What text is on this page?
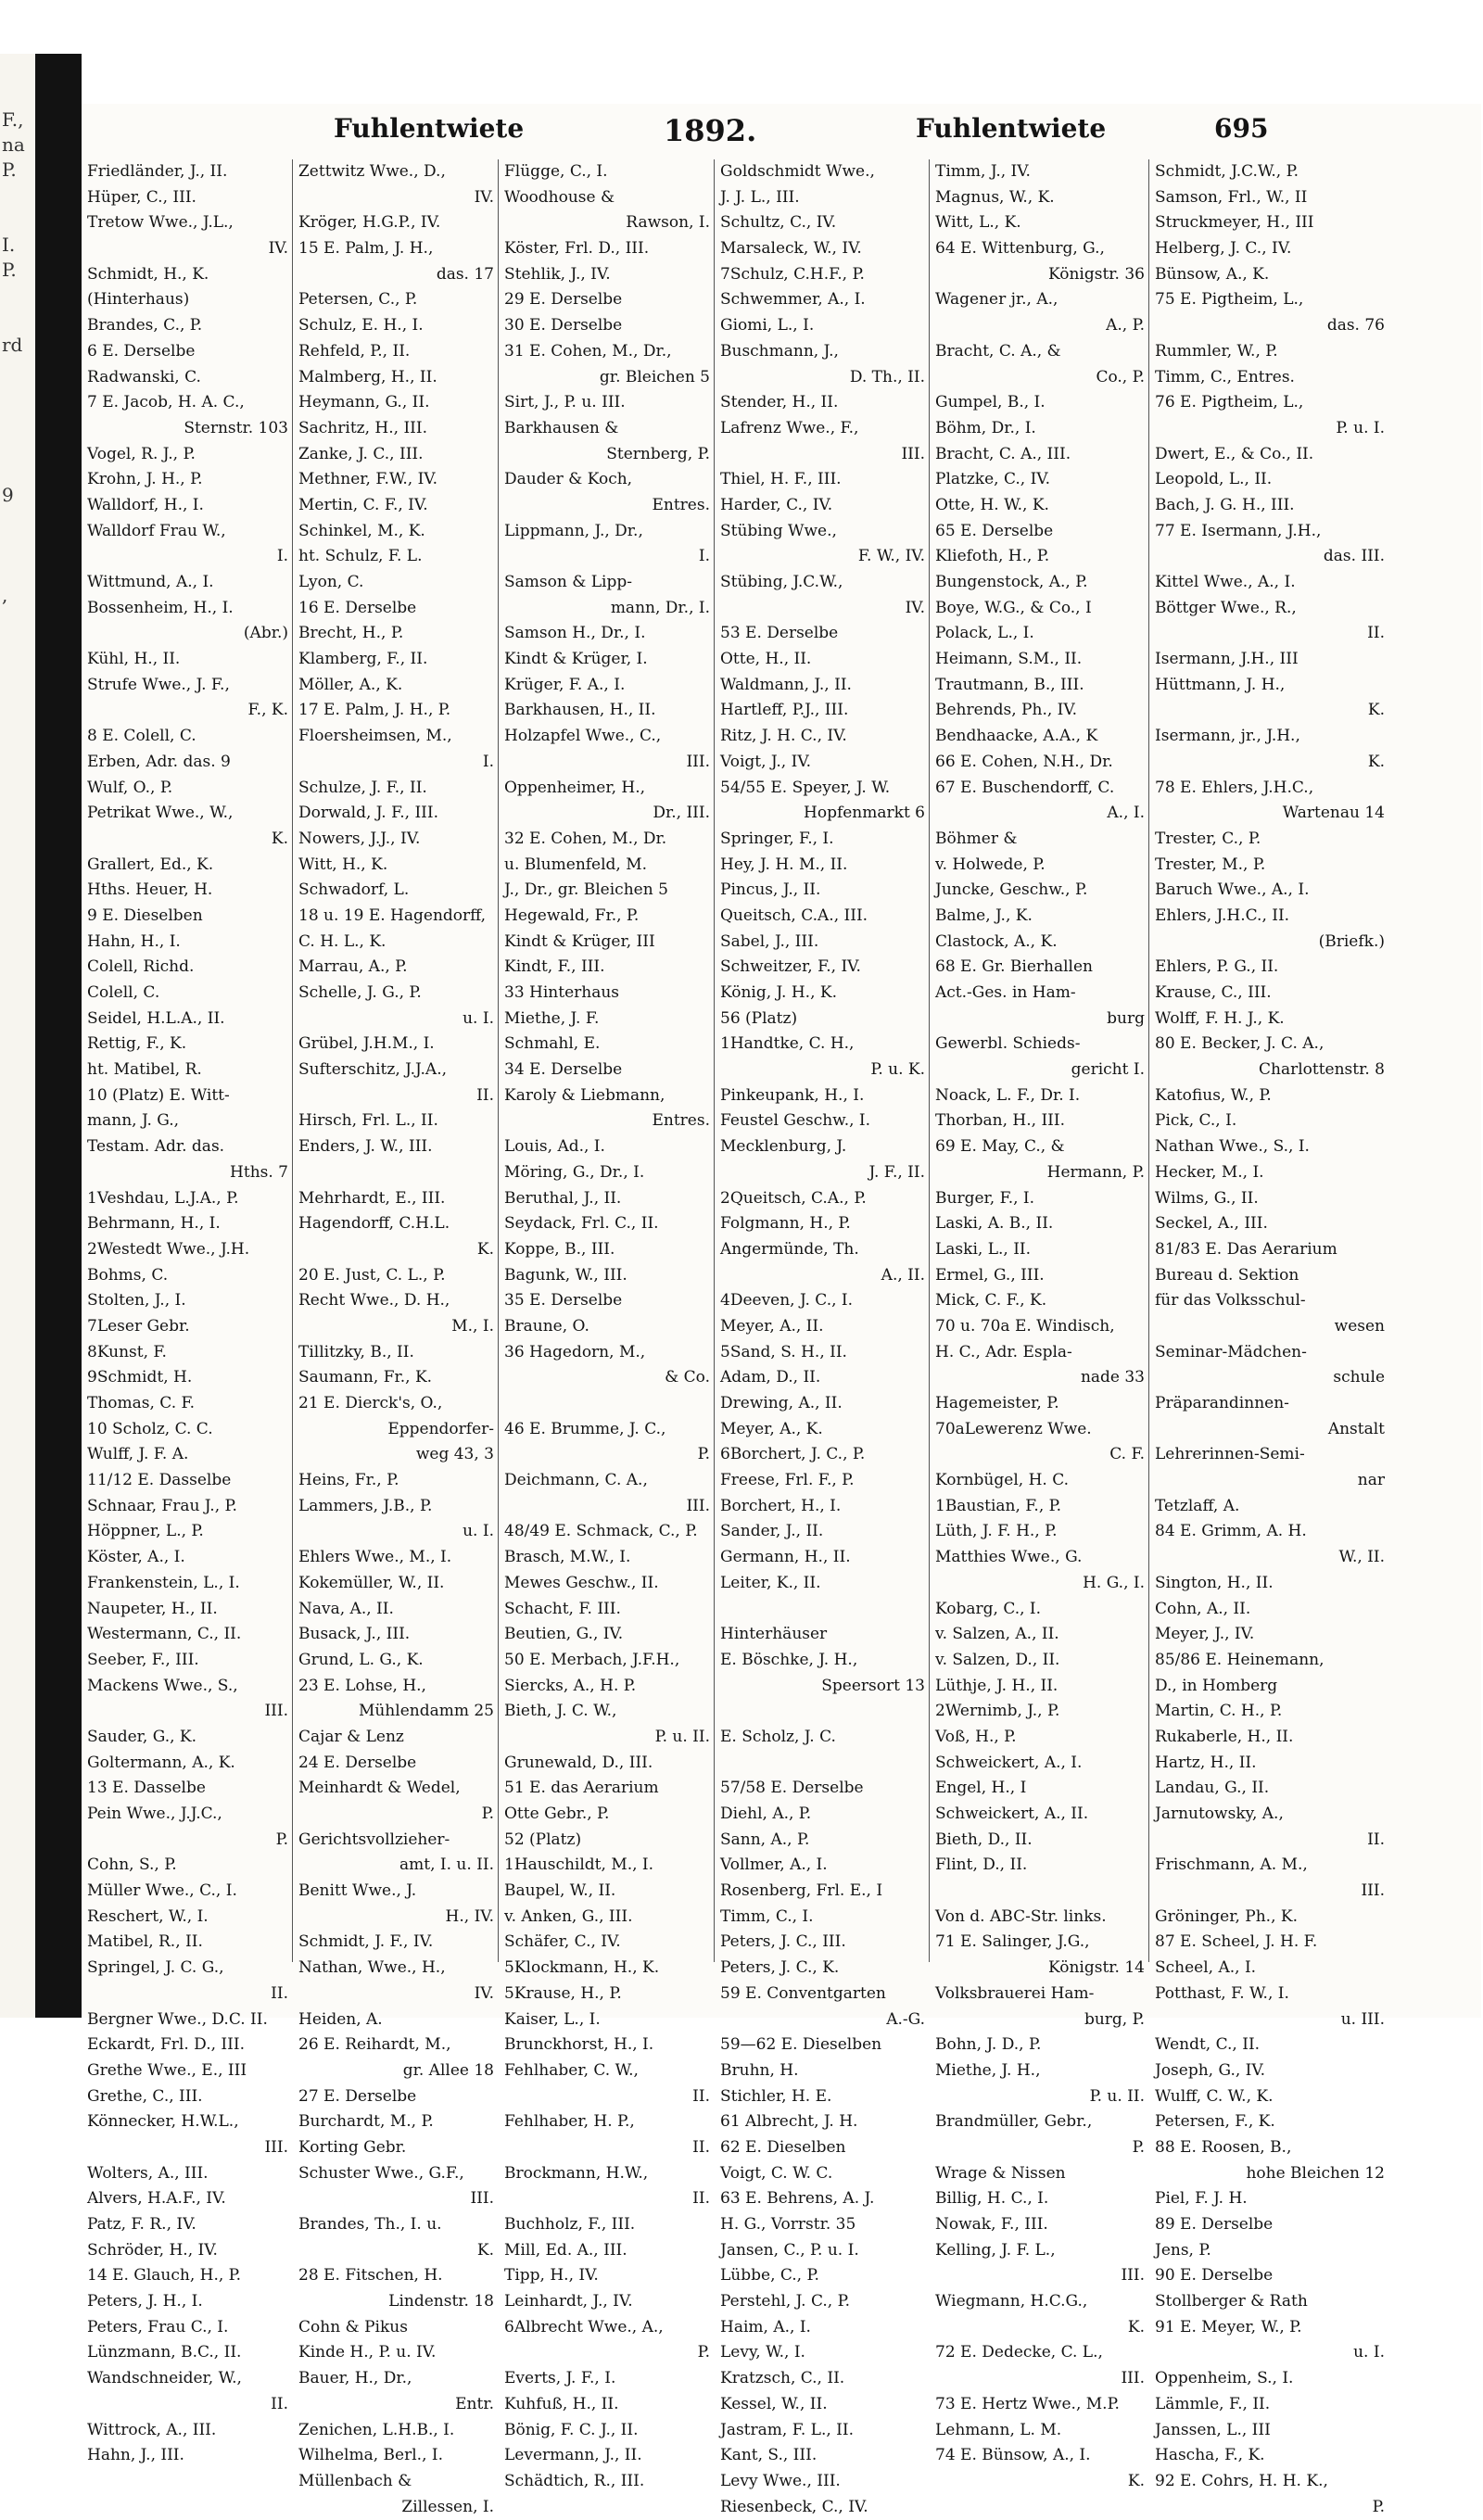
F.,
na
P.
I.
P.
rd
9
,
Fuhlentwiete	1892.	Fuhlentwiete	695
Friedländer, J., II.
Hüper, C., III.
Tretow Wwe., J.L.,
IV.
Schmidt, H., K.
(Hinterhaus)
Brandes, C., P.
6 E. Derselbe
Radwanski, C.
7 E. Jacob, H. A. C.,
Sternstr. 103
Vogel, R. J., P.
Krohn, J. H., P.
Walldorf, H., I.
Walldorf Frau W.,
I.
Wittmund, A., I.
Bossenheim, H., I.
(Abr.)
Kühl, H., II.
Strufe Wwe., J. F.,
F., K.
8 E. Colell, C.
Erben, Adr. das. 9
Wulf, O., P.
Petrikat Wwe., W.,
K.
Grallert, Ed., K.
Hths. Heuer, H.
9 E. Dieselben
Hahn, H., I.
Colell, Richd.
Colell, C.
Seidel, H.L.A., II.
Rettig, F., K.
ht. Matibel, R.
10 (Platz) E. Witt-
mann, J. G.,
Testam. Adr. das.
Hths. 7
1Veshdau, L.J.A., P.
Behrmann, H., I.
2Westedt Wwe., J.H.
Bohms, C.
Stolten, J., I.
7Leser Gebr.
8Kunst, F.
9Schmidt, H.
Thomas, C. F.
10 Scholz, C. C.
Wulff, J. F. A.
11/12 E. Dasselbe
Schnaar, Frau J., P.
Höppner, L., P.
Köster, A., I.
Frankenstein, L., I.
Naupeter, H., II.
Westermann, C., II.
Seeber, F., III.
Mackens Wwe., S.,
III.
Sauder, G., K.
Goltermann, A., K.
13 E. Dasselbe
Pein Wwe., J.J.C.,
P.
Cohn, S., P.
Müller Wwe., C., I.
Reschert, W., I.
Matibel, R., II.
Springel, J. C. G.,
II.
Bergner Wwe., D.C. II.
Eckardt, Frl. D., III.
Grethe Wwe., E., III
Grethe, C., III.
Könnecker, H.W.L.,
III.
Wolters, A., III.
Alvers, H.A.F., IV.
Patz, F. R., IV.
Schröder, H., IV.
14 E. Glauch, H., P.
Peters, J. H., I.
Peters, Frau C., I.
Lünzmann, B.C., II.
Wandschneider, W.,
II.
Wittrock, A., III.
Hahn, J., III.
Zettwitz Wwe., D.,
IV.
Kröger, H.G.P., IV.
15 E. Palm, J. H.,
das. 17
Petersen, C., P.
Schulz, E. H., I.
Rehfeld, P., II.
Malmberg, H., II.
Heymann, G., II.
Sachritz, H., III.
Zanke, J. C., III.
Methner, F.W., IV.
Mertin, C. F., IV.
Schinkel, M., K.
ht. Schulz, F. L.
Lyon, C.
16 E. Derselbe
Brecht, H., P.
Klamberg, F., II.
Möller, A., K.
17 E. Palm, J. H., P.
Floersheimsen, M.,
I.
Schulze, J. F., II.
Dorwald, J. F., III.
Nowers, J.J., IV.
Witt, H., K.
Schwadorf, L.
18 u. 19 E. Hagendorff,
C. H. L., K.
Marrau, A., P.
Schelle, J. G., P.
u. I.
Grübel, J.H.M., I.
Sufterschitz, J.J.A.,
II.
Hirsch, Frl. L., II.
Enders, J. W., III.
Mehrhardt, E., III.
Hagendorff, C.H.L.
K.
20 E. Just, C. L., P.
Recht Wwe., D. H.,
M., I.
Tillitzky, B., II.
Saumann, Fr., K.
21 E. Dierck's, O.,
Eppendorfer-
weg 43, 3
Heins, Fr., P.
Lammers, J.B., P.
u. I.
Ehlers Wwe., M., I.
Kokemüller, W., II.
Nava, A., II.
Busack, J., III.
Grund, L. G., K.
23 E. Lohse, H.,
Mühlendamm 25
Cajar & Lenz
24 E. Derselbe
Meinhardt & Wedel,
P.
Gerichtsvollzieher-
amt, I. u. II.
Benitt Wwe., J.
H., IV.
Schmidt, J. F., IV.
Nathan, Wwe., H.,
IV.
Heiden, A.
26 E. Reihardt, M.,
gr. Allee 18
27 E. Derselbe
Burchardt, M., P.
Korting Gebr.
Schuster Wwe., G.F.,
III.
Brandes, Th., I. u.
K.
28 E. Fitschen, H.
Lindenstr. 18
Cohn & Pikus
Kinde H., P. u. IV.
Bauer, H., Dr.,
Entr.
Zenichen, L.H.B., I.
Wilhelma, Berl., I.
Müllenbach &
Zillessen, I.
Flügge, C., I.
Woodhouse &
Rawson, I.
Köster, Frl. D., III.
Stehlik, J., IV.
29 E. Derselbe
30 E. Derselbe
31 E. Cohen, M., Dr.,
gr. Bleichen 5
Sirt, J., P. u. III.
Barkhausen &
Sternberg, P.
Dauder & Koch,
Entres.
Lippmann, J., Dr.,
I.
Samson & Lipp-
mann, Dr., I.
Samson H., Dr., I.
Kindt & Krüger, I.
Krüger, F. A., I.
Barkhausen, H., II.
Holzapfel Wwe., C.,
III.
Oppenheimer, H.,
Dr., III.
32 E. Cohen, M., Dr.
u. Blumenfeld, M.
J., Dr., gr. Bleichen 5
Hegewald, Fr., P.
Kindt & Krüger, III
Kindt, F., III.
33 Hinterhaus
Miethe, J. F.
Schmahl, E.
34 E. Derselbe
Karoly & Liebmann,
Entres.
Louis, Ad., I.
Möring, G., Dr., I.
Beruthal, J., II.
Seydack, Frl. C., II.
Koppe, B., III.
Bagunk, W., III.
35 E. Derselbe
Braune, O.
36 Hagedorn, M.,
& Co.
46 E. Brumme, J. C.,
P.
Deichmann, C. A.,
III.
48/49 E. Schmack, C., P.
Brasch, M.W., I.
Mewes Geschw., II.
Schacht, F. III.
Beutien, G., IV.
50 E. Merbach, J.F.H.,
Siercks, A., H. P.
Bieth, J. C. W.,
P. u. II.
Grunewald, D., III.
51 E. das Aerarium
Otte Gebr., P.
52 (Platz)
1Hauschildt, M., I.
Baupel, W., II.
v. Anken, G., III.
Schäfer, C., IV.
5Klockmann, H., K.
5Krause, H., P.
Kaiser, L., I.
Brunckhorst, H., I.
Fehlhaber, C. W.,
II.
Fehlhaber, H. P.,
II.
Brockmann, H.W.,
II.
Buchholz, F., III.
Mill, Ed. A., III.
Tipp, H., IV.
Leinhardt, J., IV.
6Albrecht Wwe., A.,
P.
Everts, J. F., I.
Kuhfuß, H., II.
Bönig, F. C. J., II.
Levermann, J., II.
Schädtich, R., III.
Goldschmidt Wwe.,
J. J. L., III.
Schultz, C., IV.
Marsaleck, W., IV.
7Schulz, C.H.F., P.
Schwemmer, A., I.
Giomi, L., I.
Buschmann, J.,
D. Th., II.
Stender, H., II.
Lafrenz Wwe., F.,
III.
Thiel, H. F., III.
Harder, C., IV.
Stübing Wwe.,
F. W., IV.
Stübing, J.C.W.,
IV.
53 E. Derselbe
Otte, H., II.
Waldmann, J., II.
Hartleff, P.J., III.
Ritz, J. H. C., IV.
Voigt, J., IV.
54/55 E. Speyer, J. W.
Hopfenmarkt 6
Springer, F., I.
Hey, J. H. M., II.
Pincus, J., II.
Queitsch, C.A., III.
Sabel, J., III.
Schweitzer, F., IV.
König, J. H., K.
56 (Platz)
1Handtke, C. H.,
P. u. K.
Pinkeupank, H., I.
Feustel Geschw., I.
Mecklenburg, J.
J. F., II.
2Queitsch, C.A., P.
Folgmann, H., P.
Angermünde, Th.
A., II.
4Deeven, J. C., I.
Meyer, A., II.
5Sand, S. H., II.
Adam, D., II.
Drewing, A., II.
Meyer, A., K.
6Borchert, J. C., P.
Freese, Frl. F., P.
Borchert, H., I.
Sander, J., II.
Germann, H., II.
Leiter, K., II.
Hinterhäuser
E. Böschke, J. H.,
Speersort 13
E. Scholz, J. C.
57/58 E. Derselbe
Diehl, A., P.
Sann, A., P.
Vollmer, A., I.
Rosenberg, Frl. E., I
Timm, C., I.
Peters, J. C., III.
Peters, J. C., K.
59 E. Conventgarten
A.-G.
59—62 E. Dieselben
Bruhn, H.
Stichler, H. E.
61 Albrecht, J. H.
62 E. Dieselben
Voigt, C. W. C.
63 E. Behrens, A. J.
H. G., Vorrstr. 35
Jansen, C., P. u. I.
Lübbe, C., P.
Perstehl, J. C., P.
Haim, A., I.
Levy, W., I.
Kratzsch, C., II.
Kessel, W., II.
Jastram, F. L., II.
Kant, S., III.
Levy Wwe., III.
Riesenbeck, C., IV.
Timm, J., IV.
Magnus, W., K.
Witt, L., K.
64 E. Wittenburg, G.,
Königstr. 36
Wagener jr., A.,
A., P.
Bracht, C. A., &
Co., P.
Gumpel, B., I.
Böhm, Dr., I.
Bracht, C. A., III.
Platzke, C., IV.
Otte, H. W., K.
65 E. Derselbe
Kliefoth, H., P.
Bungenstock, A., P.
Boye, W.G., & Co., I
Polack, L., I.
Heimann, S.M., II.
Trautmann, B., III.
Behrends, Ph., IV.
Bendhaacke, A.A., K
66 E. Cohen, N.H., Dr.
67 E. Buschendorff, C.
A., I.
Böhmer &
v. Holwede, P.
Juncke, Geschw., P.
Balme, J., K.
Clastock, A., K.
68 E. Gr. Bierhallen
Act.-Ges. in Ham-
burg
Gewerbl. Schieds-
gericht I.
Noack, L. F., Dr. I.
Thorban, H., III.
69 E. May, C., &
Hermann, P.
Burger, F., I.
Laski, A. B., II.
Laski, L., II.
Ermel, G., III.
Mick, C. F., K.
70 u. 70a E. Windisch,
H. C., Adr. Espla-
nade 33
Hagemeister, P.
70aLewerenz Wwe.
C. F.
Kornbügel, H. C.
1Baustian, F., P.
Lüth, J. F. H., P.
Matthies Wwe., G.
H. G., I.
Kobarg, C., I.
v. Salzen, A., II.
v. Salzen, D., II.
Lüthje, J. H., II.
2Wernimb, J., P.
Voß, H., P.
Schweickert, A., I.
Engel, H., I
Schweickert, A., II.
Bieth, D., II.
Flint, D., II.
Von d. ABC-Str. links.
71 E. Salinger, J.G.,
Königstr. 14
Volksbrauerei Ham-
burg, P.
Bohn, J. D., P.
Miethe, J. H.,
P. u. II.
Brandmüller, Gebr.,
P.
Wrage & Nissen
Billig, H. C., I.
Nowak, F., III.
Kelling, J. F. L.,
III.
Wiegmann, H.C.G.,
K.
72 E. Dedecke, C. L.,
III.
73 E. Hertz Wwe., M.P.
Lehmann, L. M.
74 E. Bünsow, A., I.
K.
Schmidt, J.C.W., P.
Samson, Frl., W., II
Struckmeyer, H., III
Helberg, J. C., IV.
Bünsow, A., K.
75 E. Pigtheim, L.,
das. 76
Rummler, W., P.
Timm, C., Entres.
76 E. Pigtheim, L.,
P. u. I.
Dwert, E., & Co., II.
Leopold, L., II.
Bach, J. G. H., III.
77 E. Isermann, J.H.,
das. III.
Kittel Wwe., A., I.
Böttger Wwe., R.,
II.
Isermann, J.H., III
Hüttmann, J. H.,
K.
Isermann, jr., J.H.,
K.
78 E. Ehlers, J.H.C.,
Wartenau 14
Trester, C., P.
Trester, M., P.
Baruch Wwe., A., I.
Ehlers, J.H.C., II.
(Briefk.)
Ehlers, P. G., II.
Krause, C., III.
Wolff, F. H. J., K.
80 E. Becker, J. C. A.,
Charlottenstr. 8
Katofius, W., P.
Pick, C., I.
Nathan Wwe., S., I.
Hecker, M., I.
Wilms, G., II.
Seckel, A., III.
81/83 E. Das Aerarium
Bureau d. Sektion
für das Volksschul-
wesen
Seminar-Mädchen-
schule
Präparandinnen-
Anstalt
Lehrerinnen-Semi-
nar
Tetzlaff, A.
84 E. Grimm, A. H.
W., II.
Sington, H., II.
Cohn, A., II.
Meyer, J., IV.
85/86 E. Heinemann,
D., in Homberg
Martin, C. H., P.
Rukaberle, H., II.
Hartz, H., II.
Landau, G., II.
Jarnutowsky, A.,
II.
Frischmann, A. M.,
III.
Gröninger, Ph., K.
87 E. Scheel, J. H. F.
Scheel, A., I.
Potthast, F. W., I.
u. III.
Wendt, C., II.
Joseph, G., IV.
Wulff, C. W., K.
Petersen, F., K.
88 E. Roosen, B.,
hohe Bleichen 12
Piel, F. J. H.
89 E. Derselbe
Jens, P.
90 E. Derselbe
Stollberger & Rath
91 E. Meyer, W., P.
u. I.
Oppenheim, S., I.
Lämmle, F., II.
Janssen, L., III
Hascha, F., K.
92 E. Cohrs, H. H. K.,
P.
